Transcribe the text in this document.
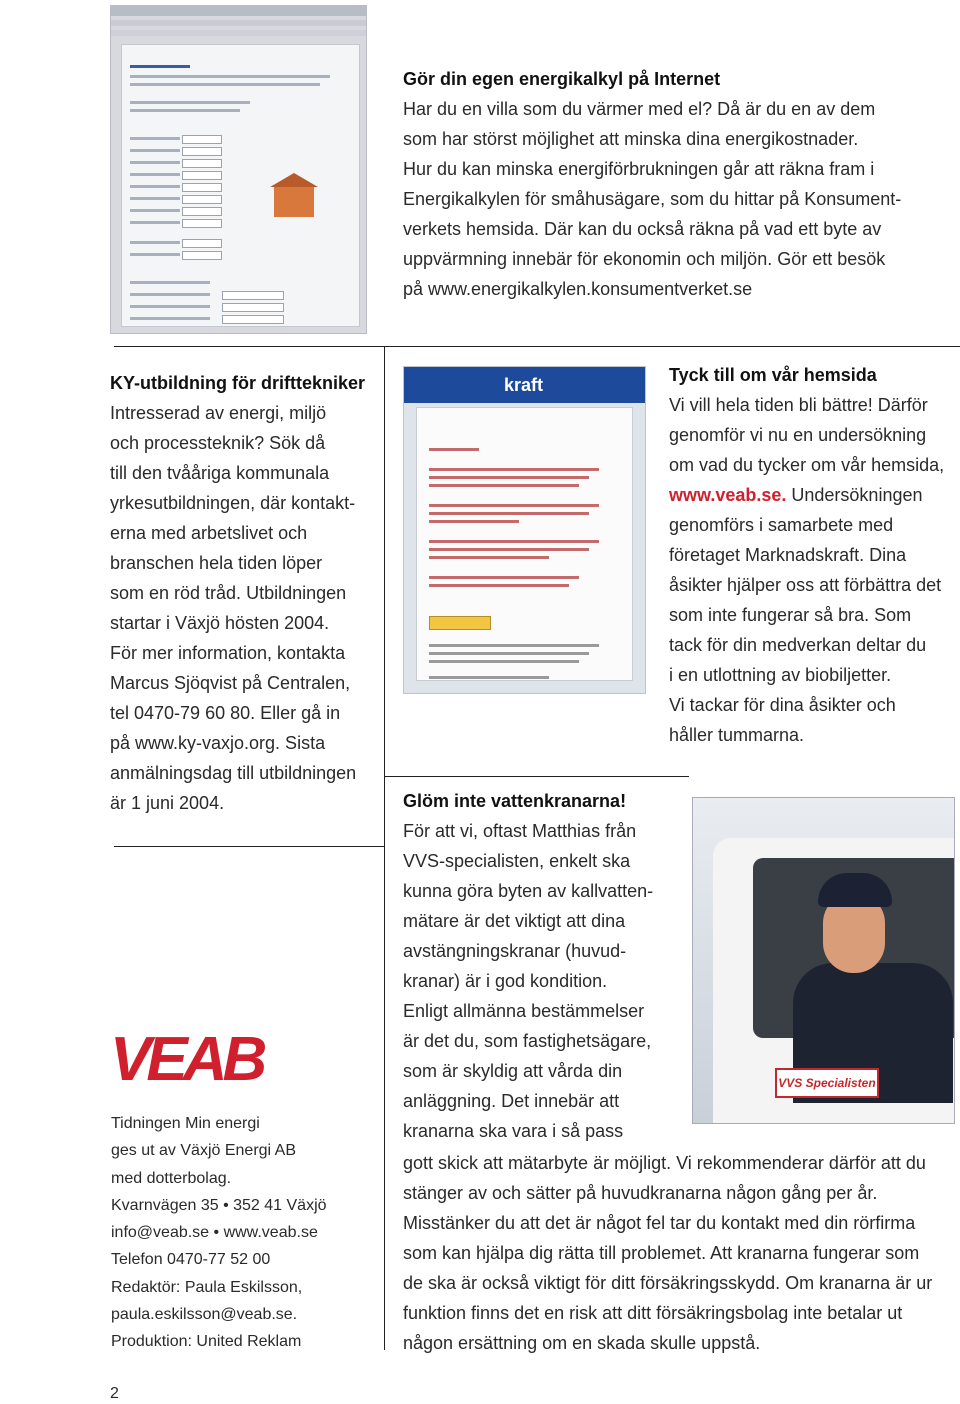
Gör din egen energikalkyl på Internet

Har du en villa som du värmer med el? Då är du en av dem

som har störst möjlighet att minska dina energikostnader.

Hur du kan minska energiförbrukningen går att räkna fram i

Energikalkylen för småhusägare, som du hittar på Konsument-

verkets hemsida. Där kan du också räkna på vad ett byte av

uppvärmning innebär för ekonomin och miljön. Gör ett besök

på www.energikalkylen.konsumentverket.se

KY-utbildning för drifttekniker

Intresserad av energi, miljö

och processteknik? Sök då

till den tvååriga kommunala

yrkesutbildningen, där kontakt-

erna med arbetslivet och

branschen hela tiden löper

som en röd tråd. Utbildningen

startar i Växjö hösten 2004.

För mer information, kontakta

Marcus Sjöqvist på Centralen,

tel 0470-79 60 80. Eller gå in

på www.ky-vaxjo.org. Sista

anmälningsdag till utbildningen

är 1 juni 2004.

kraft	Tyck till om vår hemsida

Vi vill hela tiden bli bättre! Därför

genomför vi nu en undersökning

om vad du tycker om vår hemsida,

www.veab.se. Undersökningen

genomförs i samarbete med

företaget Marknadskraft. Dina

åsikter hjälper oss att förbättra det

som inte fungerar så bra. Som

tack för din medverkan deltar du

i en utlottning av biobiljetter.

Vi tackar för dina åsikter och

håller tummarna.

VVS Specialisten

Glöm inte vattenkranarna!

För att vi, oftast Matthias från

VVS-specialisten, enkelt ska

kunna göra byten av kallvatten-

mätare är det viktigt att dina

avstängningskranar (huvud-

kranar) är i god kondition.

Enligt allmänna bestämmelser

är det du, som fastighetsägare,

som är skyldig att vårda din

anläggning. Det innebär att

kranarna ska vara i så pass

gott skick att mätarbyte är möjligt. Vi rekommenderar därför att du

stänger av och sätter på huvudkranarna någon gång per år.

Misstänker du att det är något fel tar du kontakt med din rörfirma

som kan hjälpa dig rätta till problemet. Att kranarna fungerar som

de ska är också viktigt för ditt försäkringsskydd. Om kranarna är ur

funktion finns det en risk att ditt försäkringsbolag inte betalar ut

någon ersättning om en skada skulle uppstå.

VEAB

Tidningen Min energi

ges ut av Växjö Energi AB

med dotterbolag.

Kvarnvägen 35 • 352 41 Växjö

info@veab.se • www.veab.se

Telefon 0470-77 52 00

Redaktör: Paula Eskilsson,

paula.eskilsson@veab.se.

Produktion: United Reklam

2
